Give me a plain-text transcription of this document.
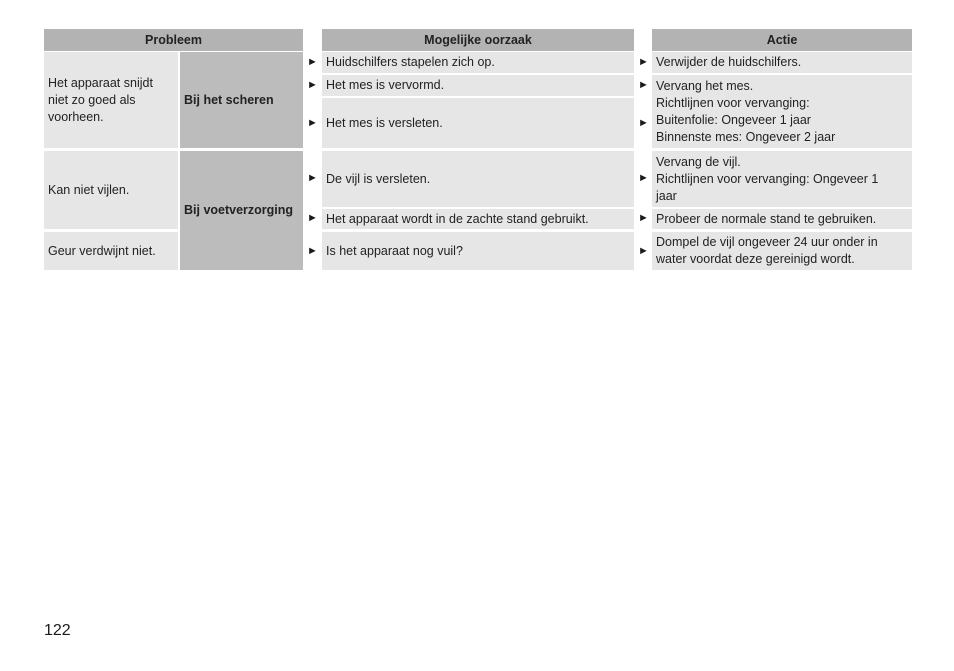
Probleem	Mogelijke oorzaak	Actie
Het apparaat snijdt
niet zo goed als
voorheen.
Kan niet vijlen.
Geur verdwijnt niet.
Bij het scheren
Bij voetverzorging
►
►
►
►
►
►
Huidschilfers stapelen zich op.
Het mes is vervormd.
Het mes is versleten.
De vijl is versleten.
Het apparaat wordt in de zachte stand gebruikt.
Is het apparaat nog vuil?
►
►
►
►
►
►
Verwijder de huidschilfers.
Vervang het mes.
Richtlijnen voor vervanging:
Buitenfolie: Ongeveer 1 jaar
Binnenste mes: Ongeveer 2 jaar
Vervang de vijl.
Richtlijnen voor vervanging: Ongeveer 1
jaar
Probeer de normale stand te gebruiken.
Dompel de vijl ongeveer 24 uur onder in
water voordat deze gereinigd wordt.
122
